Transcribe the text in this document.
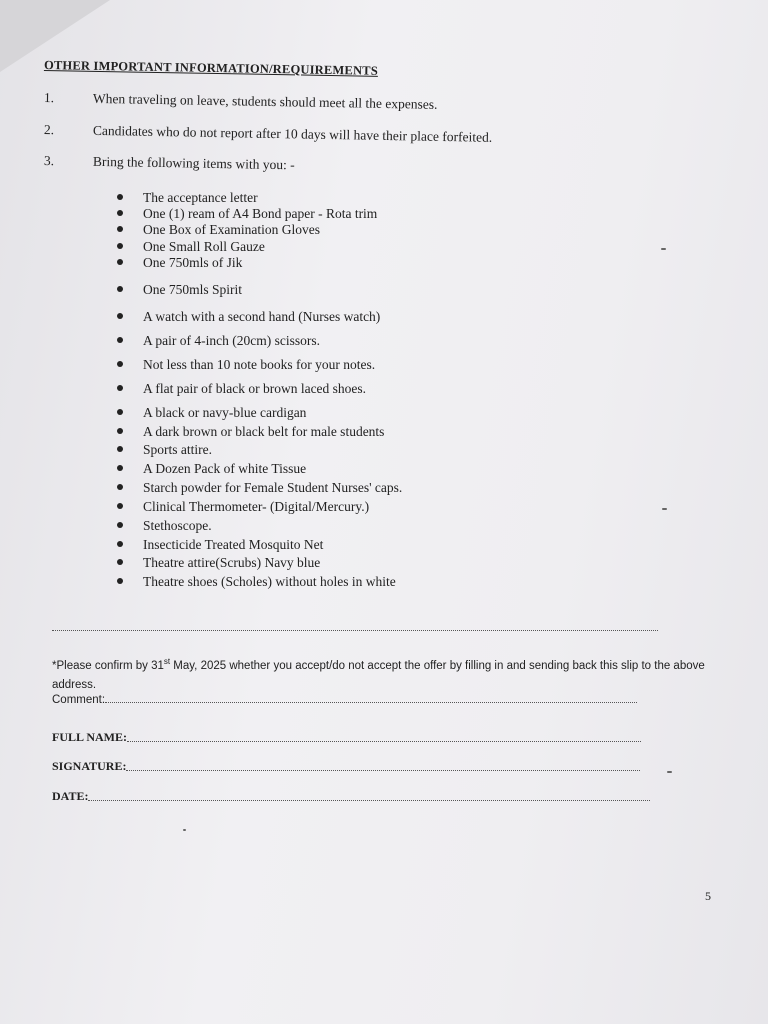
OTHER IMPORTANT INFORMATION/REQUIREMENTS
1.	When traveling on leave, students should meet all the expenses.
2.	Candidates who do not report after 10 days will have their place forfeited.
3.	Bring the following items with you: -
The acceptance letter
One (1) ream of A4 Bond paper - Rota trim
One Box of Examination Gloves
One Small Roll Gauze
One 750mls of Jik
One 750mls Spirit
A watch with a second hand (Nurses watch)
A pair of 4-inch (20cm) scissors.
Not less than 10 note books for your notes.
A flat pair of black or brown laced shoes.
A black or navy-blue cardigan
A dark brown or black belt for male students
Sports attire.
A Dozen Pack of white Tissue
Starch powder for Female Student Nurses' caps.
Clinical Thermometer- (Digital/Mercury.)
Stethoscope.
Insecticide Treated Mosquito Net
Theatre attire(Scrubs) Navy blue
Theatre shoes (Scholes) without holes in white
*Please confirm by 31st May, 2025 whether you accept/do not accept the offer by filling in and sending back this slip to the above address.
Comment:
FULL NAME:
SIGNATURE:
DATE:
5
